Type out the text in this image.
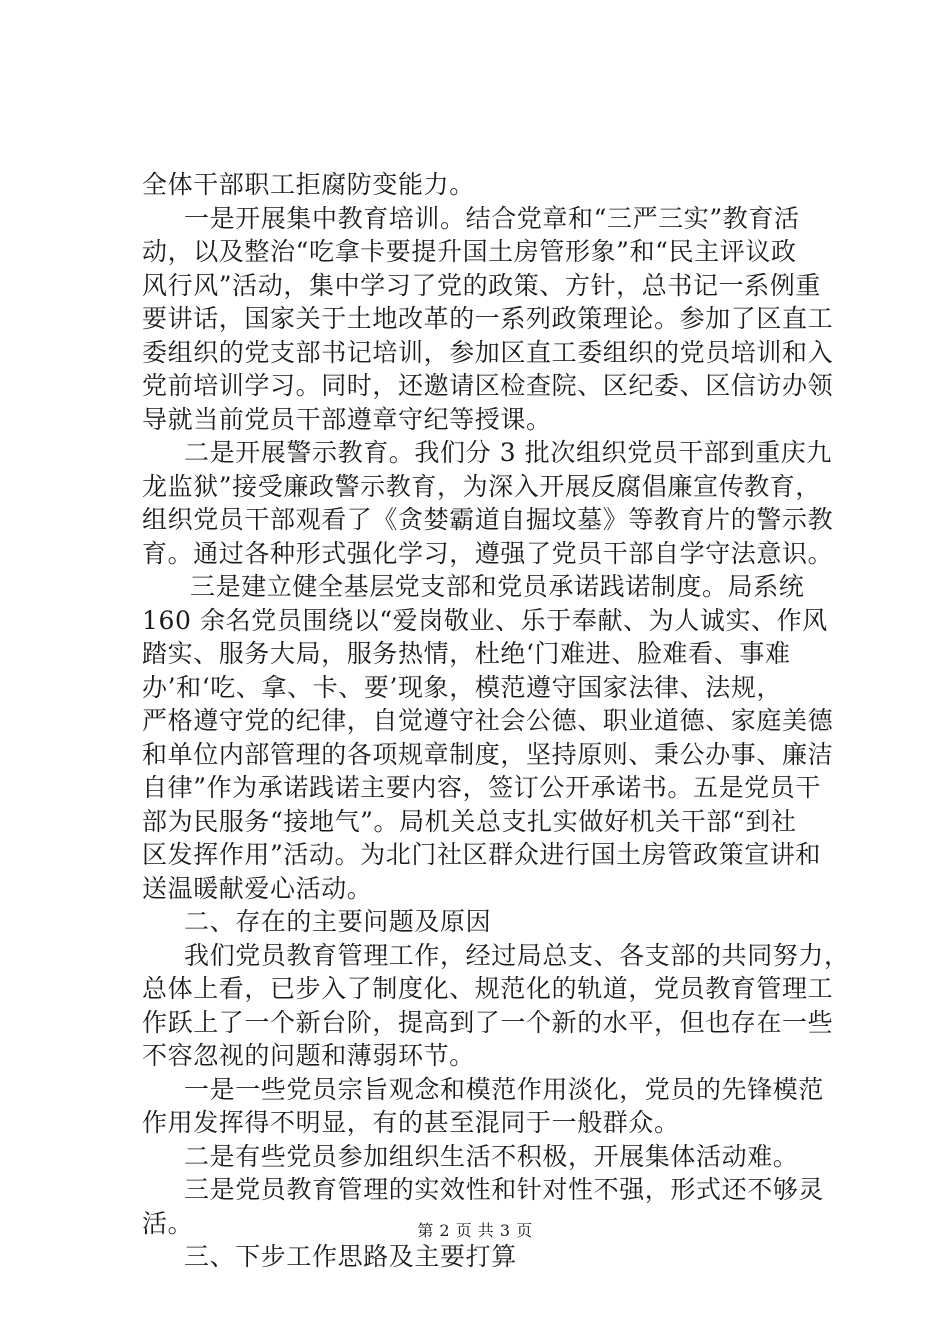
全体干部职工拒腐防变能力。
一是开展集中教育培训。结合党章和“三严三实”教育活
动，以及整治“吃拿卡要提升国土房管形象”和“民主评议政
风行风”活动，集中学习了党的政策、方针，总书记一系例重
要讲话，国家关于土地改革的一系列政策理论。参加了区直工
委组织的党支部书记培训，参加区直工委组织的党员培训和入
党前培训学习。同时，还邀请区检查院、区纪委、区信访办领
导就当前党员干部遵章守纪等授课。
二是开展警示教育。我们分 3 批次组织党员干部到重庆九
龙监狱”接受廉政警示教育，为深入开展反腐倡廉宣传教育，
组织党员干部观看了《贪婪霸道自掘坟墓》等教育片的警示教
育。通过各种形式强化学习，遵强了党员干部自学守法意识。
三是建立健全基层党支部和党员承诺践诺制度。局系统
160 余名党员围绕以“爱岗敬业、乐于奉献、为人诚实、作风
踏实、服务大局，服务热情，杜绝‘门难进、脸难看、事难
办’和‘吃、拿、卡、要’现象，模范遵守国家法律、法规，
严格遵守党的纪律，自觉遵守社会公德、职业道德、家庭美德
和单位内部管理的各项规章制度，坚持原则、秉公办事、廉洁
自律”作为承诺践诺主要内容，签订公开承诺书。五是党员干
部为民服务“接地气”。局机关总支扎实做好机关干部“到社
区发挥作用”活动。为北门社区群众进行国土房管政策宣讲和
送温暖献爱心活动。
二、存在的主要问题及原因
我们党员教育管理工作，经过局总支、各支部的共同努力，
总体上看，已步入了制度化、规范化的轨道，党员教育管理工
作跃上了一个新台阶，提高到了一个新的水平，但也存在一些
不容忽视的问题和薄弱环节。
一是一些党员宗旨观念和模范作用淡化，党员的先锋模范
作用发挥得不明显，有的甚至混同于一般群众。
二是有些党员参加组织生活不积极，开展集体活动难。
三是党员教育管理的实效性和针对性不强，形式还不够灵
活。
三、下步工作思路及主要打算
第 2 页 共 3 页
